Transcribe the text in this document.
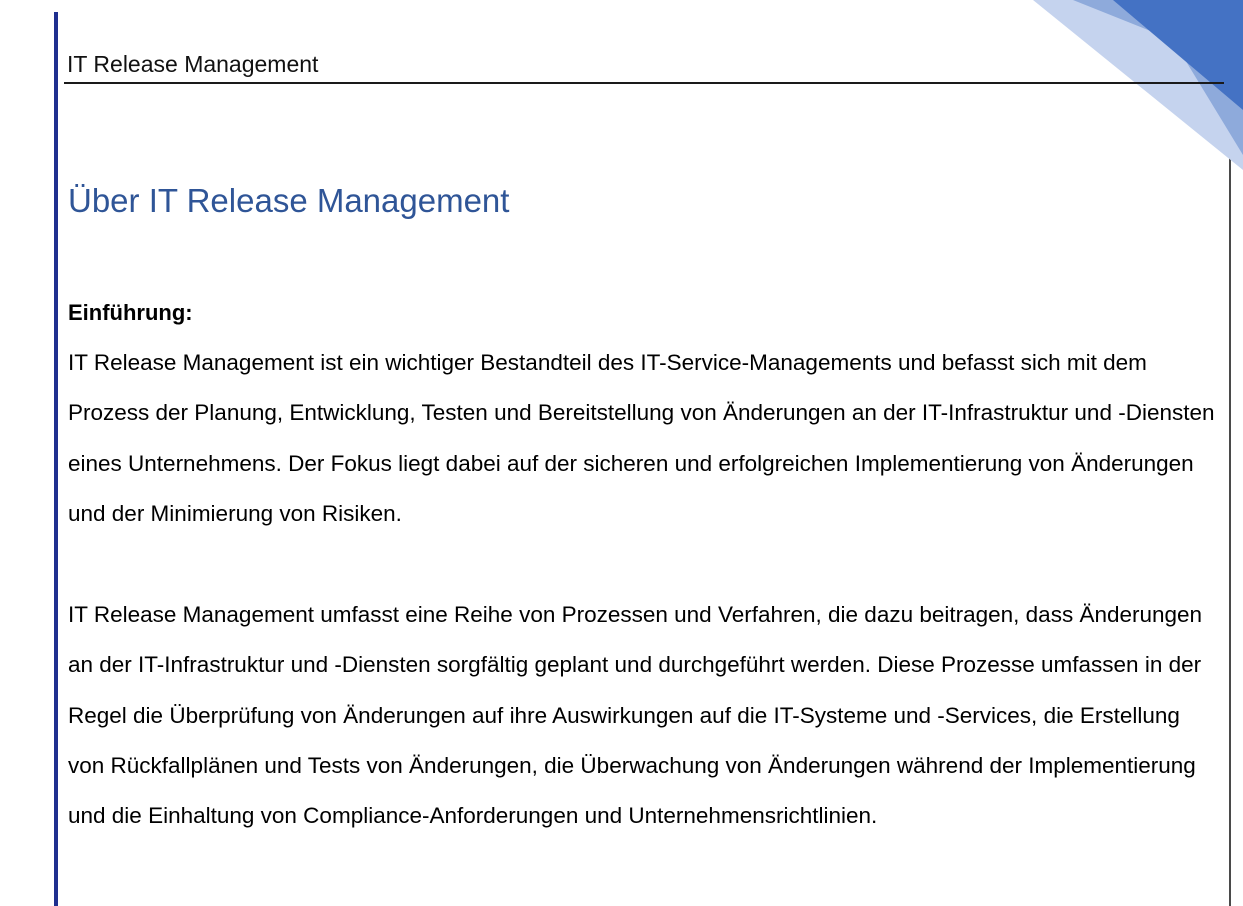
IT Release Management
Über IT Release Management
Einführung:

IT Release Management ist ein wichtiger Bestandteil des IT-Service-Managements und befasst sich mit dem Prozess der Planung, Entwicklung, Testen und Bereitstellung von Änderungen an der IT-Infrastruktur und -Diensten eines Unternehmens. Der Fokus liegt dabei auf der sicheren und erfolgreichen Implementierung von Änderungen und der Minimierung von Risiken.

IT Release Management umfasst eine Reihe von Prozessen und Verfahren, die dazu beitragen, dass Änderungen an der IT-Infrastruktur und -Diensten sorgfältig geplant und durchgeführt werden. Diese Prozesse umfassen in der Regel die Überprüfung von Änderungen auf ihre Auswirkungen auf die IT-Systeme und -Services, die Erstellung von Rückfallplänen und Tests von Änderungen, die Überwachung von Änderungen während der Implementierung und die Einhaltung von Compliance-Anforderungen und Unternehmensrichtlinien.
